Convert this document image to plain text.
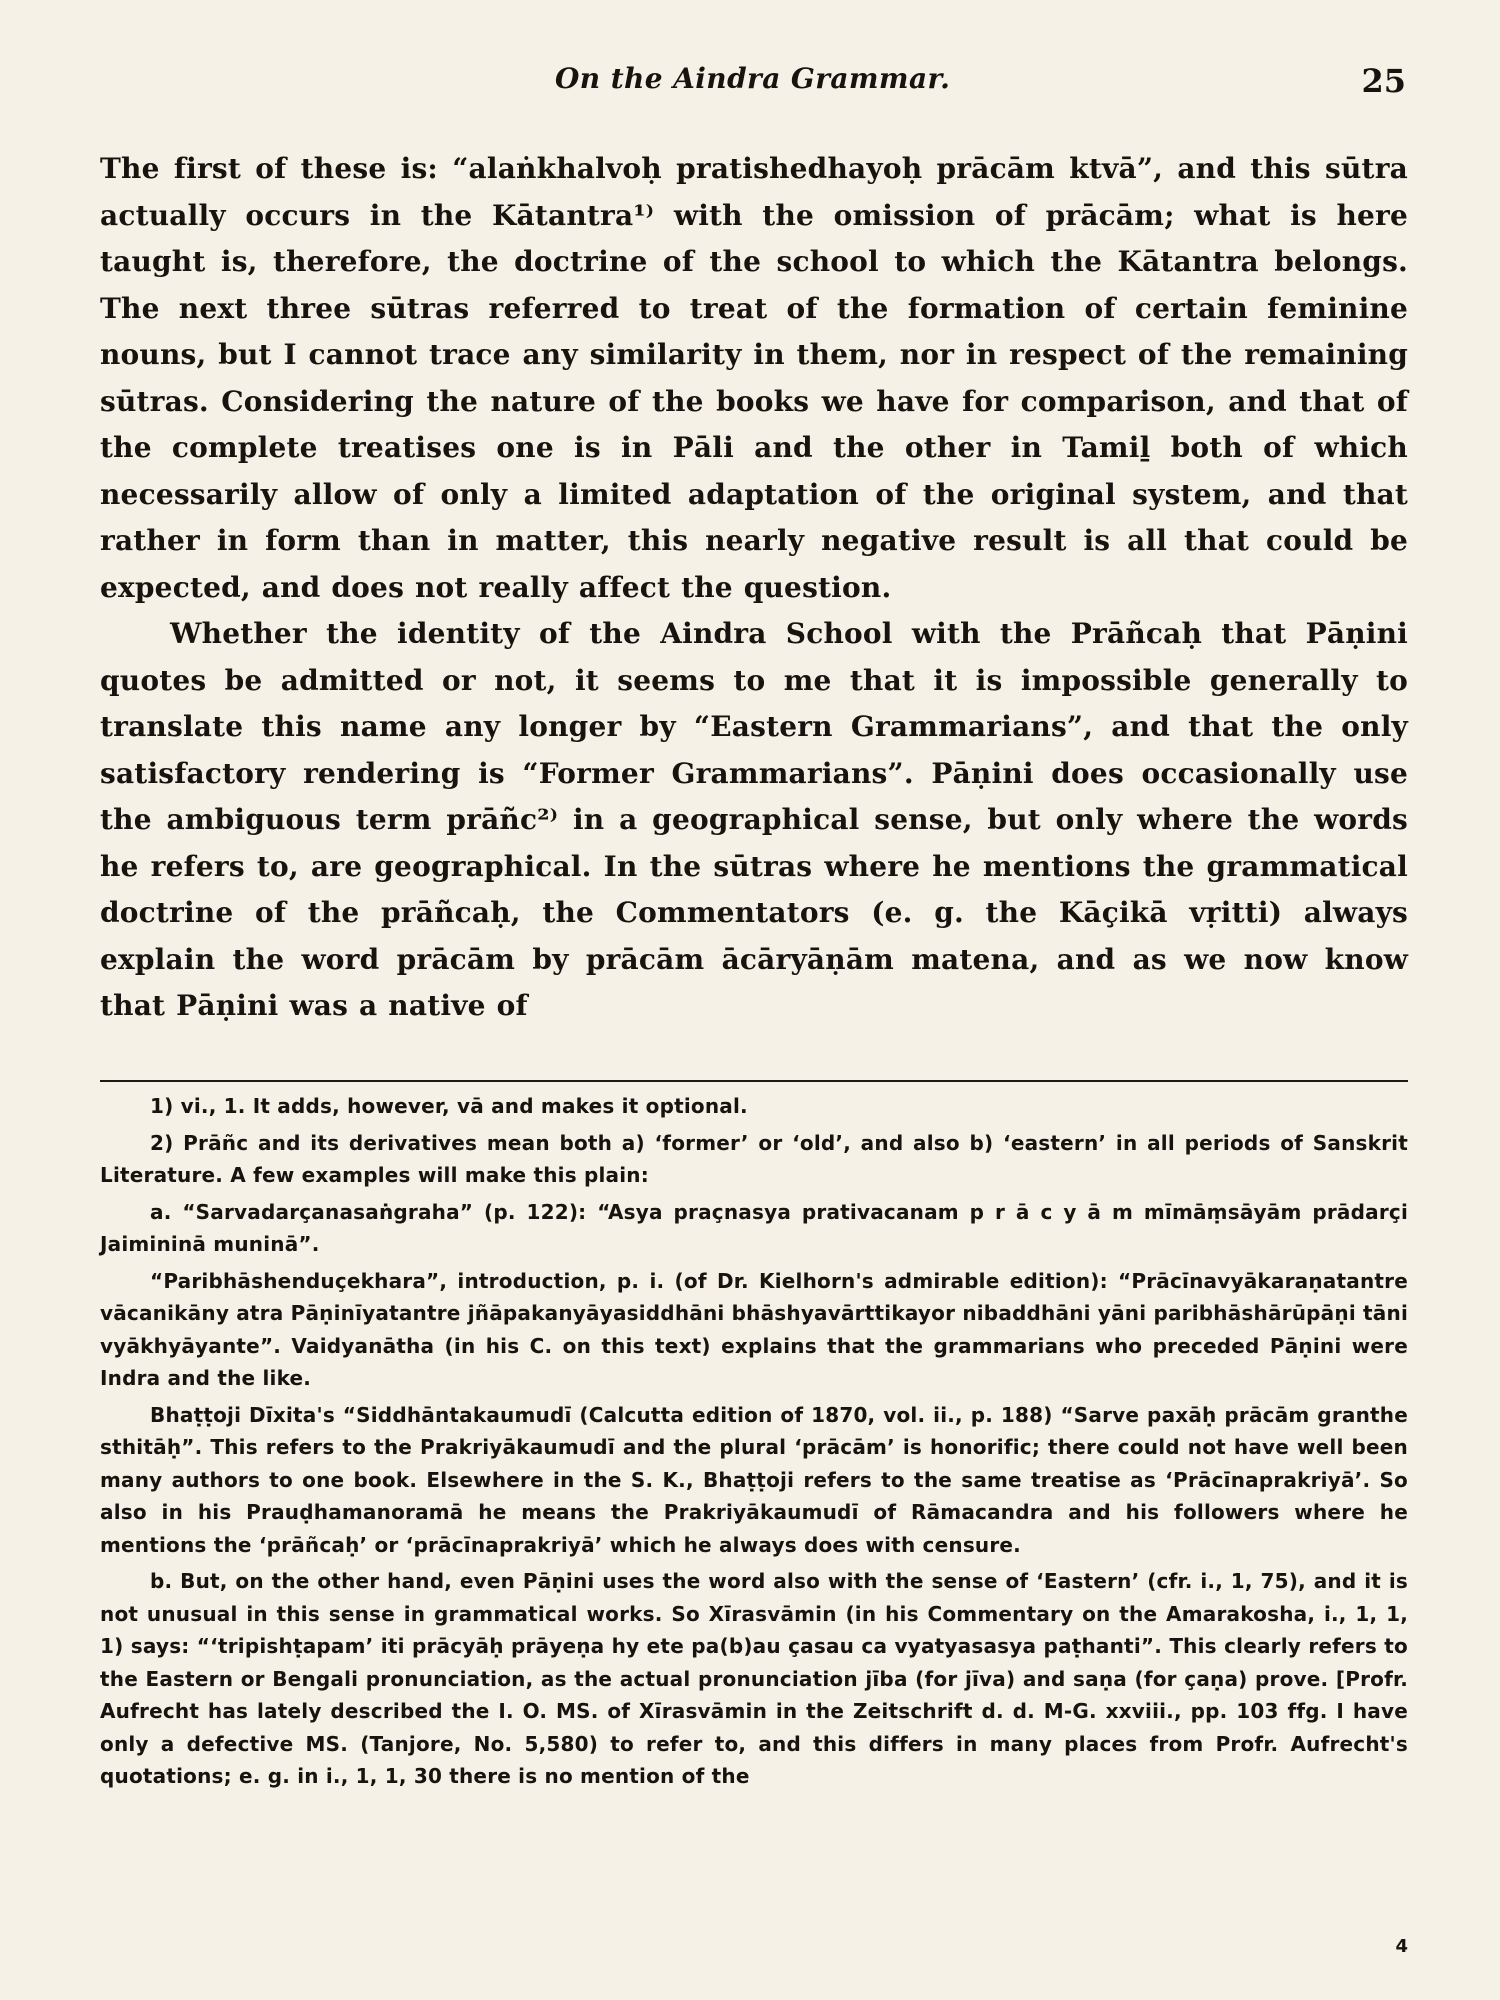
On the Aindra Grammar.	25

The first of these is: “alaṅkhalvoḥ pratishedhayoḥ prācām ktvā”, and this sūtra actually occurs in the Kātantra¹⁾ with the omission of prācām; what is here taught is, therefore, the doctrine of the school to which the Kātantra belongs. The next three sūtras referred to treat of the formation of certain feminine nouns, but I cannot trace any similarity in them, nor in respect of the remaining sūtras. Considering the nature of the books we have for comparison, and that of the complete treatises one is in Pāli and the other in Tamiḻ both of which necessarily allow of only a limited adaptation of the original system, and that rather in form than in matter, this nearly negative result is all that could be expected, and does not really affect the question.

Whether the identity of the Aindra School with the Prāñcaḥ that Pāṇini quotes be admitted or not, it seems to me that it is impossible generally to translate this name any longer by “Eastern Grammarians”, and that the only satisfactory rendering is “Former Grammarians”. Pāṇini does occasionally use the ambiguous term prāñc²⁾ in a geographical sense, but only where the words he refers to, are geographical. In the sūtras where he mentions the grammatical doctrine of the prāñcaḥ, the Commentators (e. g. the Kāçikā vṛitti) always explain the word prācām by prācām ācāryāṇām matena, and as we now know that Pāṇini was a native of

1) vi., 1. It adds, however, vā and makes it optional.

2) Prāñc and its derivatives mean both a) ‘former’ or ‘old’, and also b) ‘eastern’ in all periods of Sanskrit Literature. A few examples will make this plain:

a. “Sarvadarçanasaṅgraha” (p. 122): “Asya praçnasya prativacanam p r ā c y ā m mīmāṃsāyām prādarçi Jaimininā muninā”.

“Paribhāshenduçekhara”, introduction, p. i. (of Dr. Kielhorn's admirable edition): “Prācīnavyākaraṇatantre vācanikāny atra Pāṇinīyatantre jñāpakanyāyasiddhāni bhāshyavārttikayor nibaddhāni yāni paribhāshārūpāṇi tāni vyākhyāyante”. Vaidyanātha (in his C. on this text) explains that the grammarians who preceded Pāṇini were Indra and the like.

Bhaṭṭoji Dīxita's “Siddhāntakaumudī (Calcutta edition of 1870, vol. ii., p. 188) “Sarve paxāḥ prācām granthe sthitāḥ”. This refers to the Prakriyākaumudī and the plural ‘prācām’ is honorific; there could not have well been many authors to one book. Elsewhere in the S. K., Bhaṭṭoji refers to the same treatise as ‘Prācīnaprakriyā’. So also in his Prauḍhamanoramā he means the Prakriyākaumudī of Rāmacandra and his followers where he mentions the ‘prāñcaḥ’ or ‘prācīnaprakriyā’ which he always does with censure.

b. But, on the other hand, even Pāṇini uses the word also with the sense of ‘Eastern’ (cfr. i., 1, 75), and it is not unusual in this sense in grammatical works. So Xīrasvāmin (in his Commentary on the Amarakosha, i., 1, 1, 1) says: “‘tripishṭapam’ iti prācyāḥ prāyeṇa hy ete pa(b)au çasau ca vyatyasasya paṭhanti”. This clearly refers to the Eastern or Bengali pronunciation, as the actual pronunciation jība (for jīva) and saṇa (for çaṇa) prove. [Profr. Aufrecht has lately described the I. O. MS. of Xīrasvāmin in the Zeitschrift d. d. M-G. xxviii., pp. 103 ffg. I have only a defective MS. (Tanjore, No. 5,580) to refer to, and this differs in many places from Profr. Aufrecht's quotations; e. g. in i., 1, 1, 30 there is no mention of the

4
